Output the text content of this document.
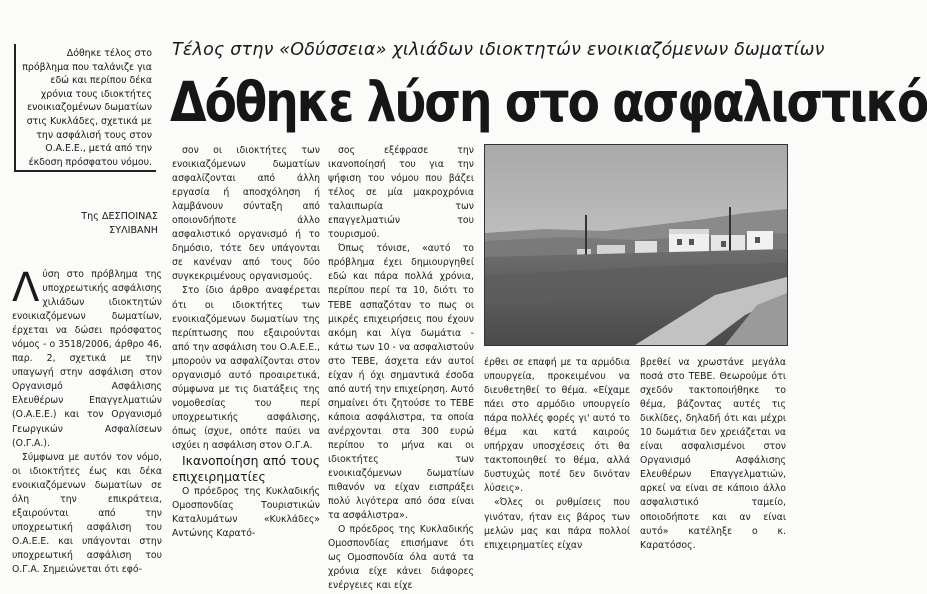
Δόθηκε τέλος στο πρόβλημα που ταλάνιζε για εδώ και περίπου δέκα χρόνια τους ιδιοκτήτες ενοικιαζομένων δωματίων στις Κυκλάδες, σχετικά με την ασφάλισή τους στον Ο.Α.Ε.Ε., μετά από την έκδοση πρόσφατου νόμου.
Της ΔΕΣΠΟΙΝΑΣ
ΣΥΛΙΒΑΝΗ
Τέλος στην «Οδύσσεια» χιλιάδων ιδιοκτητών ενοικιαζόμενων δωματίων
Δόθηκε λύση στο ασφαλιστικό

Λύση στο πρόβλημα της υποχρεωτικής ασφάλισης χιλιάδων ιδιοκτητών ενοικιαζόμενων δωματίων, έρχεται να δώσει πρόσφατος νόμος - ο 3518/2006, άρθρο 46, παρ. 2, σχετικά με την υπαγωγή στην ασφάλιση στον Οργανισμό Ασφάλισης Ελευθέρων Επαγγελματιών (Ο.Α.Ε.Ε.) και τον Οργανισμό Γεωργικών Ασφαλίσεων (Ο.Γ.Α.).

Σύμφωνα με αυτόν τον νόμο, οι ιδιοκτήτες έως και δέκα ενοικιαζόμενων δωματίων σε όλη την επικράτεια, εξαιρούνται από την υποχρεωτική ασφάλιση του Ο.Α.Ε.Ε. και υπάγονται στην υποχρεωτική ασφάλιση του Ο.Γ.Α. Σημειώνεται ότι εφό-

σον οι ιδιοκτήτες των ενοικιαζόμενων δωματίων ασφαλίζονται από άλλη εργασία ή αποσχόληση ή λαμβάνουν σύνταξη από οποιονδήποτε άλλο ασφαλιστικό οργανισμό ή το δημόσιο, τότε δεν υπάγονται σε κανέναν από τους δύο συγκεκριμένους οργανισμούς.

Στο ίδιο άρθρο αναφέρεται ότι οι ιδιοκτήτες των ενοικιαζόμενων δωματίων της περίπτωσης που εξαιρούνται από την ασφάλιση του Ο.Α.Ε.Ε., μπορούν να ασφαλίζονται στον οργανισμό αυτό προαιρετικά, σύμφωνα με τις διατάξεις της νομοθεσίας του περί υποχρεωτικής ασφάλισης, όπως ίσχυε, οπότε παύει να ισχύει η ασφάλιση στον Ο.Γ.Α.

Ικανοποίηση από τους επιχειρηματίες

Ο πρόεδρος της Κυκλαδικής Ομοσπονδίας Τουριστικών Καταλυμάτων «Κυκλάδες» Αντώνης Καρατό-

σος εξέφρασε την ικανοποίησή του για την ψήφιση του νόμου που βάζει τέλος σε μία μακροχρόνια ταλαιπωρία των επαγγελματιών του τουρισμού.

Όπως τόνισε, «αυτό το πρόβλημα έχει δημιουργηθεί εδώ και πάρα πολλά χρόνια, περίπου περί τα 10, διότι το ΤΕΒΕ ασπαζόταν το πως οι μικρές επιχειρήσεις που έχουν ακόμη και λίγα δωμάτια - κάτω των 10 - να ασφαλιστούν στο ΤΕΒΕ, άσχετα εάν αυτοί είχαν ή όχι σημαντικά έσοδα από αυτή την επιχείρηση. Αυτό σημαίνει ότι ζητούσε το ΤΕΒΕ κάποια ασφάλιστρα, τα οποία ανέρχονται στα 300 ευρώ περίπου το μήνα και οι ιδιοκτήτες των ενοικιαζόμενων δωματίων πιθανόν να είχαν εισπράξει πολύ λιγότερα από όσα είναι τα ασφάλιστρα».

Ο πρόεδρος της Κυκλαδικής Ομοσπονδίας επισήμανε ότι ως Ομοσπονδία όλα αυτά τα χρόνια είχε κάνει διάφορες ενέργειες και είχε

έρθει σε επαφή με τα αρμόδια υπουργεία, προκειμένου να διευθετηθεί το θέμα. «Είχαμε πάει στο αρμόδιο υπουργείο πάρα πολλές φορές γι' αυτό το θέμα και κατά καιρούς υπήρχαν υποσχέσεις ότι θα τακτοποιηθεί το θέμα, αλλά δυστυχώς ποτέ δεν δινόταν λύσεις».

«Όλες οι ρυθμίσεις που γινόταν, ήταν εις βάρος των μελών μας και πάρα πολλοί επιχειρηματίες είχαν

βρεθεί να χρωστάνε μεγάλα ποσά στο ΤΕΒΕ. Θεωρούμε ότι σχεδόν τακτοποιήθηκε το θέμα, βάζοντας αυτές τις δικλίδες, δηλαδή ότι και μέχρι 10 δωμάτια δεν χρειάζεται να είναι ασφαλισμένοι στον Οργανισμό Ασφάλισης Ελευθέρων Επαγγελματιών, αρκεί να είναι σε κάποιο άλλο ασφαλιστικό ταμείο, οποιοδήποτε και αν είναι αυτό» κατέληξε ο κ. Καρατόσος.
